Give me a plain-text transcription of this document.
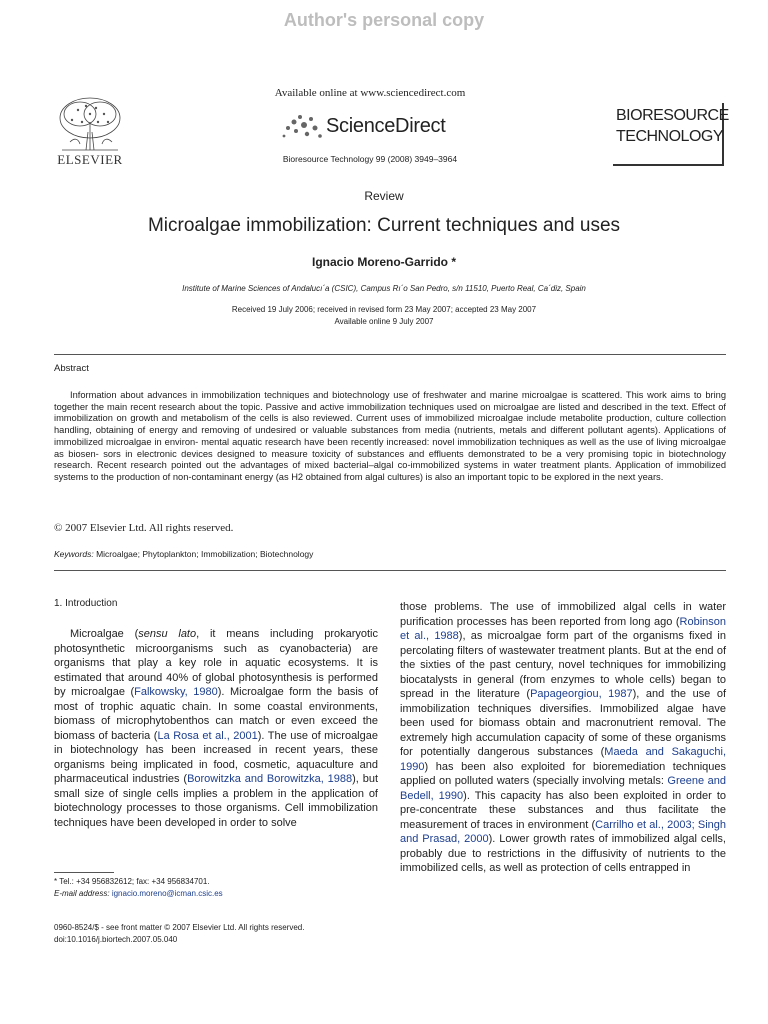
Author's personal copy
ELSEVIER
Available online at www.sciencedirect.com
ScienceDirect
Bioresource Technology 99 (2008) 3949–3964
BIORESOURCE
TECHNOLOGY
Review
Microalgae immobilization: Current techniques and uses
Ignacio Moreno-Garrido *
Institute of Marine Sciences of Andalucı´a (CSIC), Campus Rı´o San Pedro, s/n 11510, Puerto Real, Ca´diz, Spain
Received 19 July 2006; received in revised form 23 May 2007; accepted 23 May 2007
Available online 9 July 2007
Abstract
Information about advances in immobilization techniques and biotechnology use of freshwater and marine microalgae is scattered. This work aims to bring together the main recent research about the topic. Passive and active immobilization techniques used on microalgae are listed and described in the text. Effect of immobilization on growth and metabolism of the cells is also reviewed. Current uses of immobilized microalgae include metabolite production, culture collection handling, obtaining of energy and removing of undesired or valuable substances from media (nutrients, metals and different pollutant agents). Applications of immobilized microalgae in environ- mental aquatic research have been recently increased: novel immobilization techniques as well as the use of living microalgae as biosen- sors in electronic devices designed to measure toxicity of substances and effluents demonstrated to be a very promising topic in biotechnology research. Recent research pointed out the advantages of mixed bacterial–algal co-immobilized systems in water treatment plants. Application of immobilized systems to the production of non-contaminant energy (as H2 obtained from algal cultures) is also an important topic to be explored in the next years.
© 2007 Elsevier Ltd. All rights reserved.
Keywords: Microalgae; Phytoplankton; Immobilization; Biotechnology
1. Introduction
Microalgae (sensu lato, it means including prokaryotic photosynthetic microorganisms such as cyanobacteria) are organisms that play a key role in aquatic ecosystems. It is estimated that around 40% of global photosynthesis is performed by microalgae (Falkowsky, 1980). Microalgae form the basis of most of trophic aquatic chain. In some coastal environments, biomass of microphytobenthos can match or even exceed the biomass of bacteria (La Rosa et al., 2001). The use of microalgae in biotechnology has been increased in recent years, these organisms being implicated in food, cosmetic, aquaculture and pharmaceutical industries (Borowitzka and Borowitzka, 1988), but small size of single cells implies a problem in the application of biotechnology processes to those organisms. Cell immobilization techniques have been developed in order to solve
those problems. The use of immobilized algal cells in water purification processes has been reported from long ago (Robinson et al., 1988), as microalgae form part of the organisms fixed in percolating filters of wastewater treatment plants. But at the end of the sixties of the past century, novel techniques for immobilizing biocatalysts in general (from enzymes to whole cells) began to spread in the literature (Papageorgiou, 1987), and the use of immobilization techniques diversifies. Immobilized algae have been used for biomass obtain and macronutrient removal. The extremely high accumulation capacity of some of these organisms for potentially dangerous substances (Maeda and Sakaguchi, 1990) has been also exploited for bioremediation techniques applied on polluted waters (specially involving metals: Greene and Bedell, 1990). This capacity has also been exploited in order to pre-concentrate these substances and thus facilitate the measurement of traces in environment (Carrilho et al., 2003; Singh and Prasad, 2000). Lower growth rates of immobilized algal cells, probably due to restrictions in the diffusivity of nutrients to the immobilized cells, as well as protection of cells entrapped in
* Tel.: +34 956832612; fax: +34 956834701.
E-mail address: ignacio.moreno@icman.csic.es
0960-8524/$ - see front matter © 2007 Elsevier Ltd. All rights reserved.
doi:10.1016/j.biortech.2007.05.040
